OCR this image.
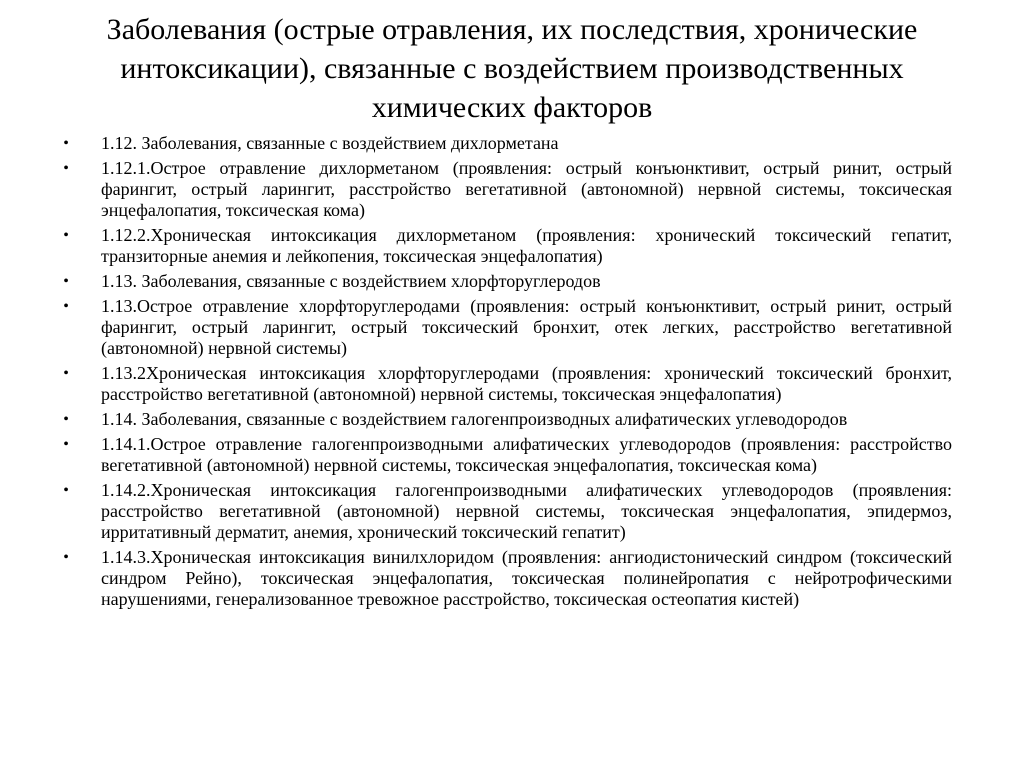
Заболевания (острые отравления, их последствия, хронические интоксикации), связанные с воздействием производственных химических факторов
• 1.12. Заболевания, связанные с воздействием дихлорметана
• 1.12.1.Острое отравление дихлорметаном (проявления: острый конъюнктивит, острый ринит, острый фарингит, острый ларингит, расстройство вегетативной (автономной) нервной системы, токсическая энцефалопатия, токсическая кома)
• 1.12.2.Хроническая интоксикация дихлорметаном (проявления: хронический токсический гепатит, транзиторные анемия и лейкопения, токсическая энцефалопатия)
• 1.13. Заболевания, связанные с воздействием хлорфторуглеродов
• 1.13.Острое отравление хлорфторуглеродами (проявления: острый конъюнктивит, острый ринит, острый фарингит, острый ларингит, острый токсический бронхит, отек легких, расстройство вегетативной (автономной) нервной системы)
• 1.13.2Хроническая интоксикация хлорфторуглеродами (проявления: хронический токсический бронхит, расстройство вегетативной (автономной) нервной системы, токсическая энцефалопатия)
• 1.14. Заболевания, связанные с воздействием галогенпроизводных алифатических углеводородов
• 1.14.1.Острое отравление галогенпроизводными алифатических углеводородов (проявления: расстройство вегетативной (автономной) нервной системы, токсическая энцефалопатия, токсическая кома)
• 1.14.2.Хроническая интоксикация галогенпроизводными алифатических углеводородов (проявления: расстройство вегетативной (автономной) нервной системы, токсическая энцефалопатия, эпидермоз, ирритативный дерматит, анемия, хронический токсический гепатит)
• 1.14.3.Хроническая интоксикация винилхлоридом (проявления: ангиодистонический синдром (токсический синдром Рейно), токсическая энцефалопатия, токсическая полинейропатия с нейротрофическими нарушениями, генерализованное тревожное расстройство, токсическая остеопатия кистей)
